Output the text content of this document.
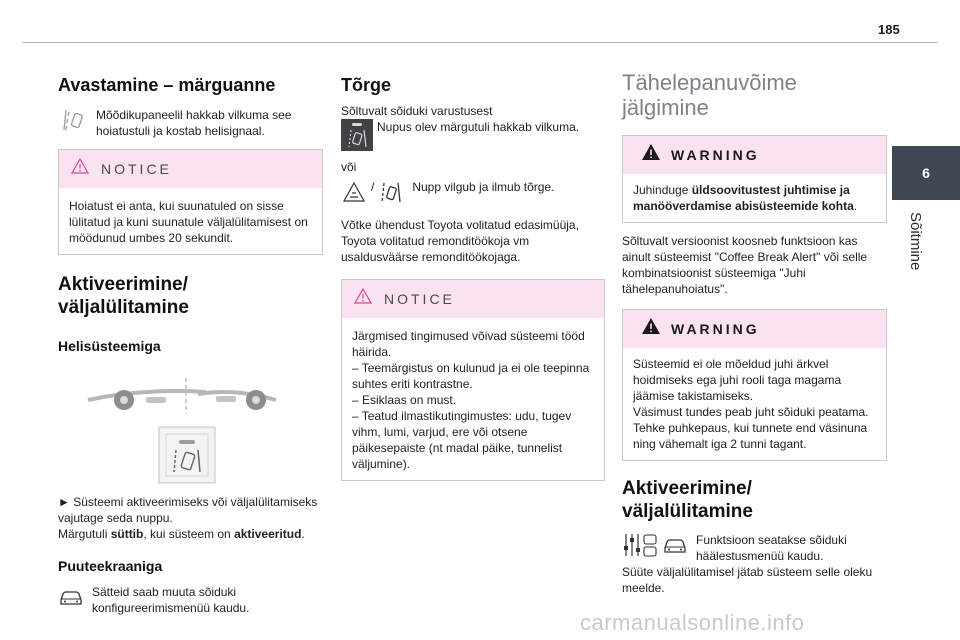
185
6
Sõitmine
Avastamine – märguanne

Mõõdikupaneelil hakkab vilkuma see hoiatustuli ja kostab helisignaal.

NOTICE

Hoiatust ei anta, kui suunatuled on sisse lülitatud ja kuni suunatule väljalülitamisest on möödunud umbes 20 sekundit.

Aktiveerimine/ väljalülitamine
Helisüsteemiga

► Süsteemi aktiveerimiseks või väljalülitamiseks vajutage seda nuppu.

Märgutuli süttib, kui süsteem on aktiveeritud.

Puuteekraaniga

Sätteid saab muuta sõiduki konfigureerimismenüü kaudu.

Tõrge

Sõltuvalt sõiduki varustusest

Nupus olev märgutuli hakkab vilkuma.

või

/	Nupp vilgub ja ilmub tõrge.

Võtke ühendust Toyota volitatud edasimüüja, Toyota volitatud remonditöökoja vm usaldusväärse remonditöökojaga.

NOTICE

Järgmised tingimused võivad süsteemi tööd häirida.
– Teemärgistus on kulunud ja ei ole teepinna suhtes eriti kontrastne.
– Esiklaas on must.
– Teatud ilmastikutingimustes: udu, tugev vihm, lumi, varjud, ere või otsene päikesepaiste (nt madal päike, tunnelist väljumine).

Tähelepanuvõime jälgimine
WARNING

Juhinduge üldsoovitustest juhtimise ja manööverdamise abisüsteemide kohta.

Sõltuvalt versioonist koosneb funktsioon kas ainult süsteemist "Coffee Break Alert" või selle kombinatsioonist süsteemiga "Juhi tähelepanuhoiatus".

WARNING

Süsteemid ei ole mõeldud juhi ärkvel hoidmiseks ega juhi rooli taga magama jäämise takistamiseks.
Väsimust tundes peab juht sõiduki peatama. Tehke puhkepaus, kui tunnete end väsinuna ning vähemalt iga 2 tunni tagant.

Aktiveerimine/ väljalülitamine

Funktsioon seatakse sõiduki häälestusmenüü kaudu.

Süüte väljalülitamisel jätab süsteem selle oleku meelde.

carmanualsonline.info
